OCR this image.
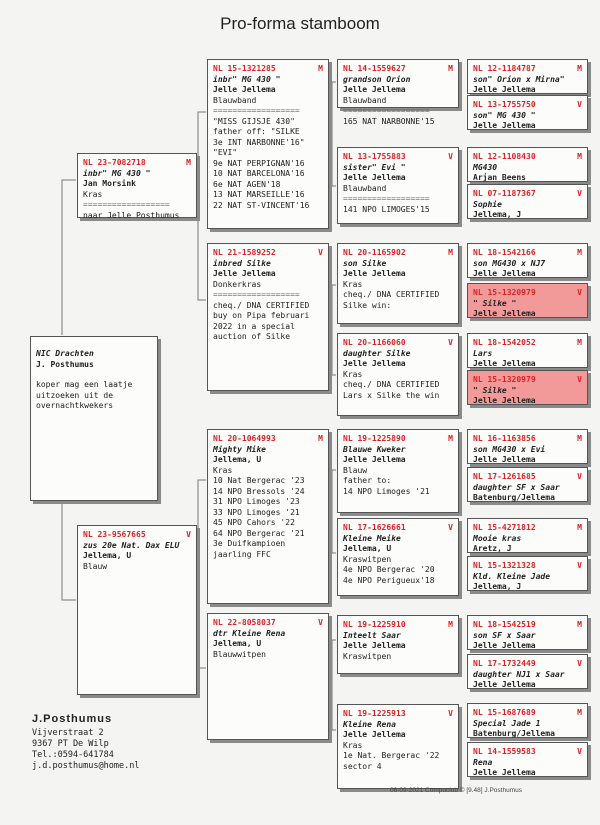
Pro-forma stamboom
NIC Drachten
J. Posthumus
koper mag een laatje
uitzoeken uit de
overnachtkwekers
NL 23-7082718	M
inbr" MG 430 "
Jan Morsink
Kras
==================
naar Jelle Posthumus
NL 23-9567665	V
zus 20e Nat. Dax ELU
Jellema, U
Blauw
NL 15-1321285	M
inbr" MG 430 "
Jelle Jellema
Blauwband
==================
"MISS GIJSJE 430"
father off: "SILKE
3e INT NARBONNE'16"
"EVI"
9e NAT PERPIGNAN'16
10 NAT BARCELONA'16
6e NAT AGEN'18
13 NAT MARSEILLE'16
22 NAT ST-VINCENT'16
NL 21-1589252	V
inbred Silke
Jelle Jellema
Donkerkras
==================
cheq./ DNA CERTIFIED
buy on Pipa februari
2022 in a special
auction of Silke
NL 20-1064993	M
Mighty Mike
Jellema, U
Kras
10 Nat Bergerac '23
14 NPO Bressols '24
31 NPO Limoges '23
33 NPO Limoges '21
45 NPO Cahors '22
64 NPO Bergerac '21
3e Duifkampioen
jaarling FFC
NL 22-8058037	V
dtr Kleine Rena
Jellema, U
Blauwwitpen
NL 14-1559627	M
grandson Orion
Jelle Jellema
Blauwband
==================
165 NAT NARBONNE'15
NL 13-1755883	V
sister" Evi "
Jelle Jellema
Blauwband
==================
141 NPO LIMOGES'15
NL 20-1165902	M
son Silke
Jelle Jellema
Kras
cheq./ DNA CERTIFIED
Silke win:
NL 20-1166060	V
daughter Silke
Jelle Jellema
Kras
cheq./ DNA CERTIFIED
Lars x Silke the win
NL 19-1225890	M
Blauwe Kweker
Jelle Jellema
Blauw
father to:
14 NPO Limoges '21
NL 17-1626661	V
Kleine Meike
Jellema, U
Kraswitpen
4e NPO Bergerac '20
4e NPO Perigueux'18
NL 19-1225910	M
Inteelt Saar
Jelle Jellema
Kraswitpen
NL 19-1225913	V
Kleine Rena
Jelle Jellema
Kras
1e Nat. Bergerac '22
sector 4
NL 12-1184787	M
son" Orion x Mirna"
Jelle Jellema
NL 13-1755750	V
son" MG 430 "
Jelle Jellema
NL 12-1108430	M
MG430
Arjan Beens
NL 07-1187367	V
Sophie
Jellema, J
NL 18-1542166	M
son MG430 x NJ7
Jelle Jellema
NL 15-1320979	V
" Silke "
Jelle Jellema
NL 18-1542052	M
Lars
Jelle Jellema
NL 15-1320979	V
" Silke "
Jelle Jellema
NL 16-1163856	M
son MG430 x Evi
Jelle Jellema
NL 17-1261685	V
daughter SF x Saar
Batenburg/Jellema
NL 15-4271812	M
Mooie kras
Aretz, J
NL 15-1321328	V
Kld. Kleine Jade
Jellema, J
NL 18-1542519	M
son SF x Saar
Jelle Jellema
NL 17-1732449	V
daughter NJ1 x Saar
Jelle Jellema
NL 15-1687689	M
Special Jade 1
Batenburg/Jellema
NL 14-1559583	V
Rena
Jelle Jellema
J.Posthumus
Vijverstraat 2
9367 PT De Wilp
Tel.:0594-641784
j.d.posthumus@home.nl
06-09-2021 Compuclub © [9.48] J.Posthumus
